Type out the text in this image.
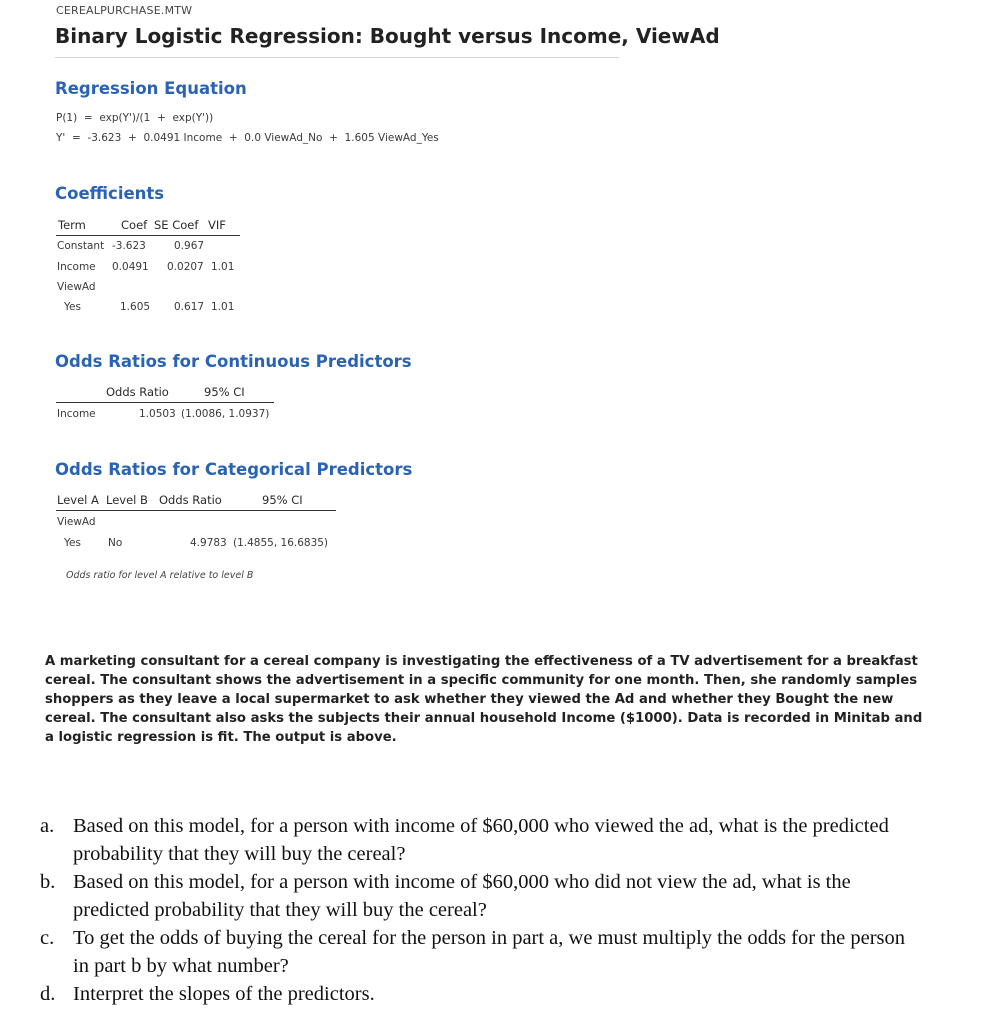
CEREALPURCHASE.MTW
Binary Logistic Regression: Bought versus Income, ViewAd
Regression Equation
P(1)  =  exp(Y')/(1  +  exp(Y'))
Y'  =  -3.623  +  0.0491 Income  +  0.0 ViewAd_No  +  1.605 ViewAd_Yes
Coefficients
Term	Coef SE Coef VIF
Constant -3.623	0.967
Income 0.0491 0.0207 1.01
ViewAd
Yes	1.605 0.617 1.01
Odds Ratios for Continuous Predictors
Odds Ratio	95% CI
Income	1.0503 (1.0086, 1.0937)
Odds Ratios for Categorical Predictors
Level A Level B Odds Ratio	95% CI
ViewAd
Yes	No	4.9783 (1.4855, 16.6835)
Odds ratio for level A relative to level B
A marketing consultant for a cereal company is investigating the effectiveness of a TV advertisement for a breakfast cereal. The consultant shows the advertisement in a specific community for one month. Then, she randomly samples shoppers as they leave a local supermarket to ask whether they viewed the Ad and whether they Bought the new cereal. The consultant also asks the subjects their annual household Income ($1000). Data is recorded in Minitab and a logistic regression is fit. The output is above.
a. Based on this model, for a person with income of $60,000 who viewed the ad, what is the predicted probability that they will buy the cereal?
b. Based on this model, for a person with income of $60,000 who did not view the ad, what is the predicted probability that they will buy the cereal?
c. To get the odds of buying the cereal for the person in part a, we must multiply the odds for the person in part b by what number?
d. Interpret the slopes of the predictors.
